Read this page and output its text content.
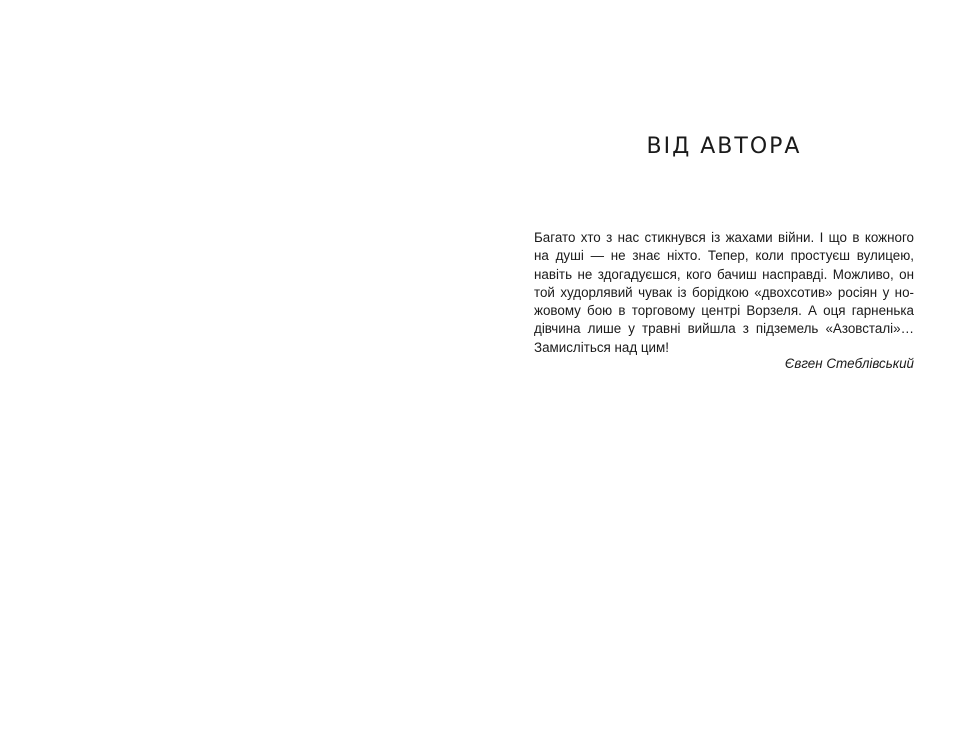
ВІД АВТОРА

Багато хто з нас стикнувся із жахами війни. І що в кожного на душі — не знає ніхто. Тепер, коли простуєш вулицею, навіть не здогадуєшся, кого бачиш насправді. Можливо, он той худорлявий чувак із борідкою «двохсотив» росіян у ножовому бою в торговому центрі Ворзеля. А оця гарненька дівчина лише у травні вийшла з підземель «Азовсталі»… Замисліться над цим!

Євген Стеблівський
